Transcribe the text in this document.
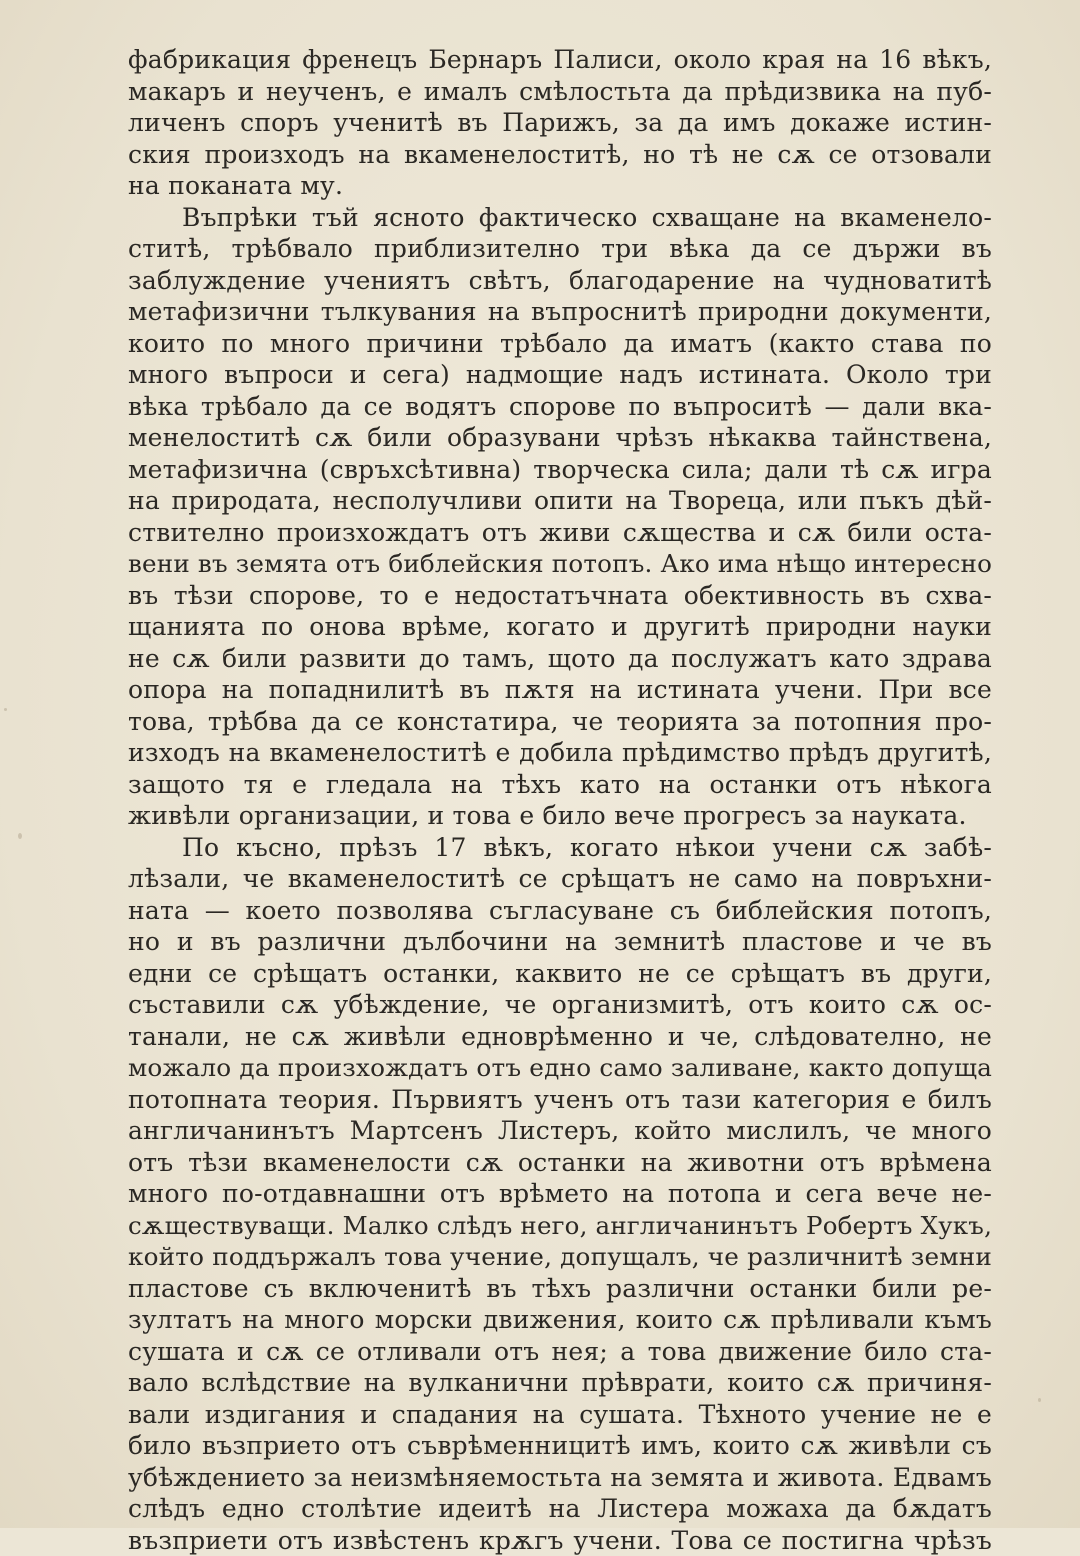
фабрикация френецъ Бернаръ Палиси, около края на 16 вѣкъ,
макаръ и неученъ, е ималъ смѣлостьта да прѣдизвика на пуб-
личенъ споръ ученитѣ въ Парижъ, за да имъ докаже истин-
ския произходъ на вкаменелоститѣ, но тѣ не сѫ се отзовали
на поканата му.
Въпрѣки тъй ясното фактическо схващане на вкаменело-
ститѣ, трѣбвало приблизително три вѣка да се държи въ
заблуждение учениятъ свѣтъ, благодарение на чудноватитѣ
метафизични тълкувания на въпроснитѣ природни документи,
които по много причини трѣбало да иматъ (както става по
много въпроси и сега) надмощие надъ истината. Около три
вѣка трѣбало да се водятъ спорове по въпроситѣ — дали вка-
менелоститѣ сѫ били образувани чрѣзъ нѣкаква тайнствена,
метафизична (свръхсѣтивна) творческа сила; дали тѣ сѫ игра
на природата, несполучливи опити на Твореца, или пъкъ дѣй-
ствително произхождатъ отъ живи сѫщества и сѫ били оста-
вени въ земята отъ библейския потопъ. Ако има нѣщо интересно
въ тѣзи спорове, то е недостатъчната обективность въ схва-
щанията по онова врѣме, когато и другитѣ природни науки
не сѫ били развити до тамъ, щото да послужатъ като здрава
опора на попаднилитѣ въ пѫтя на истината учени. При все
това, трѣбва да се констатира, че теорията за потопния про-
изходъ на вкаменелоститѣ е добила прѣдимство прѣдъ другитѣ,
защото тя е гледала на тѣхъ като на останки отъ нѣкога
живѣли организации, и това е било вече прогресъ за науката.
По късно, прѣзъ 17 вѣкъ, когато нѣкои учени сѫ забѣ-
лѣзали, че вкаменелоститѣ се срѣщатъ не само на повръхни-
ната — което позволява съгласуване съ библейския потопъ,
но и въ различни дълбочини на земнитѣ пластове и че въ
едни се срѣщатъ останки, каквито не се срѣщатъ въ други,
съставили сѫ убѣждение, че организмитѣ, отъ които сѫ ос-
танали, не сѫ живѣли едноврѣменно и че, слѣдователно, не
можало да произхождатъ отъ едно само заливане, както допуща
потопната теория. Първиятъ ученъ отъ тази категория е билъ
англичанинътъ Мартсенъ Листеръ, който мислилъ, че много
отъ тѣзи вкаменелости сѫ останки на животни отъ врѣмена
много по-отдавнашни отъ врѣмето на потопа и сега вече не-
сѫществуващи. Малко слѣдъ него, англичанинътъ Робертъ Хукъ,
който поддържалъ това учение, допущалъ, че различнитѣ земни
пластове съ включенитѣ въ тѣхъ различни останки били ре-
зултатъ на много морски движения, които сѫ прѣливали къмъ
сушата и сѫ се отливали отъ нея; а това движение било ста-
вало вслѣдствие на вулканични прѣврати, които сѫ причиня-
вали издигания и спадания на сушата. Тѣхното учение не е
било възприето отъ съврѣменницитѣ имъ, които сѫ живѣли съ
убѣждението за неизмѣняемостьта на земята и живота. Едвамъ
слѣдъ едно столѣтие идеитѣ на Листера можаха да бѫдатъ
възприети отъ извѣстенъ крѫгъ учени. Това се постигна чрѣзъ
